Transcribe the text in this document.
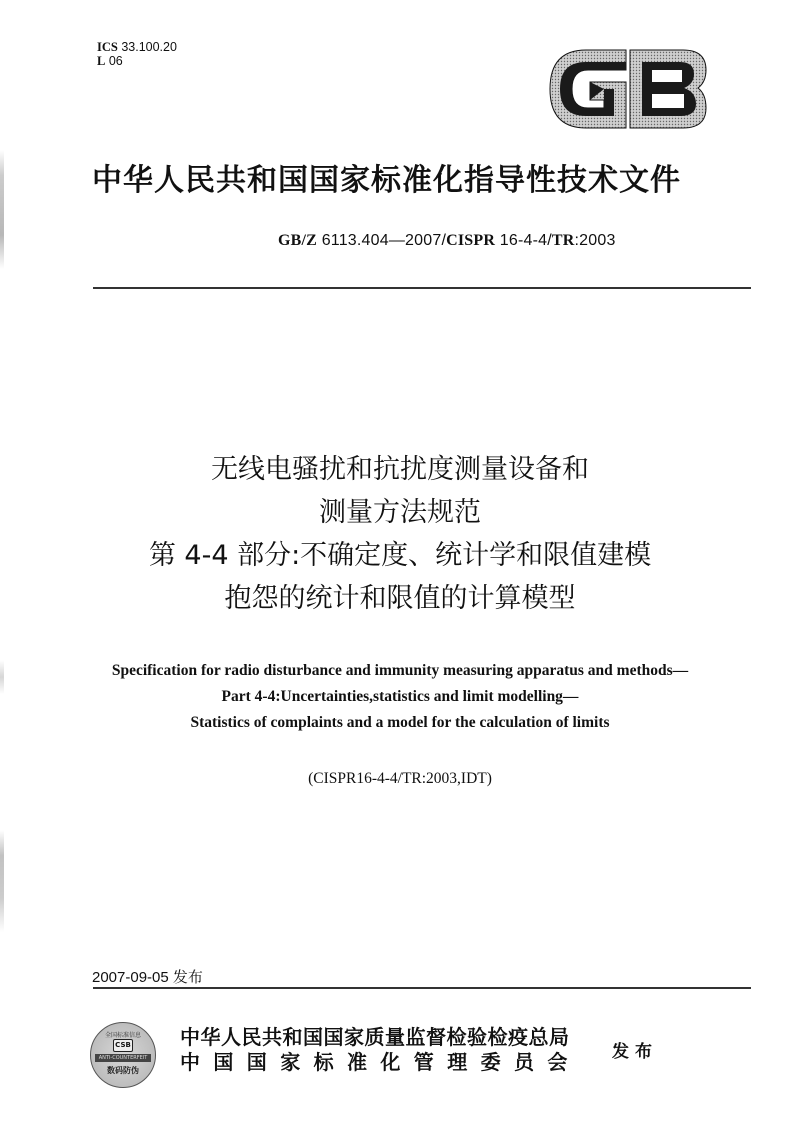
ICS 33.100.20
L 06
中华人民共和国国家标准化指导性技术文件
GB/Z 6113.404—2007/CISPR 16-4-4/TR:2003
无线电骚扰和抗扰度测量设备和
测量方法规范
第 4-4 部分:不确定度、统计学和限值建模
抱怨的统计和限值的计算模型
Specification for radio disturbance and immunity measuring apparatus and methods—
Part 4-4:Uncertainties,statistics and limit modelling—
Statistics of complaints and a model for the calculation of limits
(CISPR16-4-4/TR:2003,IDT)
2007-09-05 发布
全国标准信息
CSB
ANTI-COUNTERFEIT
数码防伪
中华人民共和国国家质量监督检验检疫总局
中国国家标准化管理委员会 发布
